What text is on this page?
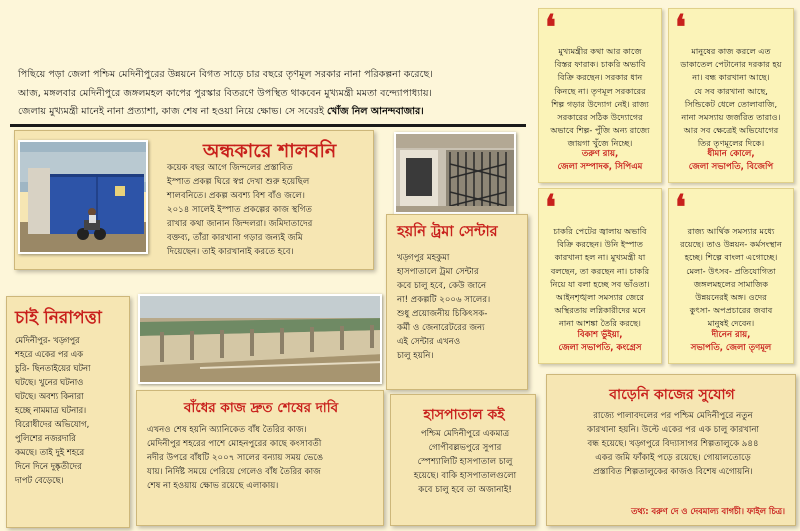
পিছিয়ে পড়া জেলা পশ্চিম মেদিনীপুরের উন্নয়নে বিগত সাড়ে চার বছরে তৃণমূল সরকার নানা পরিকল্পনা করেছে।

আজ, মঙ্গলবার মেদিনীপুরে জঙ্গলমহল কাপের পুরস্কার বিতরণে উপস্থিত থাকবেন মুখ্যমন্ত্রী মমতা বন্দ্যোপাধ্যায়।

জেলায় মুখ্যমন্ত্রী মানেই নানা প্রত্যাশা, কাজ শেষ না হওয়া নিয়ে ক্ষোভ। সে সবেরই খোঁজ নিল আনন্দবাজার।

❛
মুখ্যমন্ত্রীর কথা আর কাজে
বিস্তর ফারাক। চাকরি অভাবি
বিক্রি করছেন। সরকার ধান
কিনছে না। তৃণমূল সরকারের
শিল্প গড়ার উদ্যোগ নেই। রাজ্য
সরকারের সঠিক উদ্যোগের
অভাবে শিল্প- পুঁজি অন্য রাজ্যে
জায়গা খুঁজে নিচ্ছে।
তরুণ রায়,
জেলা সম্পাদক, সিপিএম
❛
মানুষের কাজ করলে এত
ডাকাতেল পেটানোর দরকার হয়
না। বন্ধ কারখানা আছে।
যে সব কারখানা আছে,
সিন্ডিকেট ধেলে তোলাবাজি,
নানা সমস্যায় জর্জরিত তারাও।
আর সব ক্ষেত্রেই অভিযোগের
তির তৃণমূলের দিকে।
ধীমান কোলে,
জেলা সভাপতি, বিজেপি
❛
চাকরি পেটের জ্বালায় অভাবি
বিক্রি করছেন। উনি ইস্পাত
কারখানা হল না। মুখ্যমন্ত্রী যা
বলছেন, তা করছেন না। চাকরি
নিয়ে যা বলা হচ্ছে সব ভাঁওতা।
আইনশৃঙ্খলা সমস্যার জেরে
অস্থিরতায় লগ্নিকারীদের মনে
নানা আশঙ্কা তৈরি করছে।
বিকাশ ভুঁইয়া,
জেলা সভাপতি, কংগ্রেস
❛
রাজ্য আর্থিক সমস্যার মধ্যে
রয়েছে। তাও উন্নয়ন- কর্মসংস্থান
হচ্ছে। শিল্পে বাংলা এগোচ্ছে।
মেলা- উৎসব- প্রতিযোগিতা
জঙ্গলমহলের সামাজিক
উন্নয়নেরই অঙ্গ। ওদের
কুৎসা- অপপ্রচারের জবাব
মানুষই দেবেন।
দীনেন রায়,
সভাপতি, জেলা তৃণমূল
অন্ধকারে শালবনি
কয়েক বছর আগে জিন্দলের প্রস্তাবিত
ইস্পাত প্রকল্প ঘিরে স্বপ্ন দেখা শুরু হয়েছিল
শালবনিতে। প্রকল্প অবশ্য বিশ বাঁও জলে।
২০১৪ সালেই ইস্পাত প্রকল্পের কাজ স্থগিত
রাখার কথা জানান জিন্দলরা। জমিদাতাদের
বক্তব্য, তাঁরা কারখানা গড়ার জন্যই জমি
দিয়েছেন। তাই কারখানাই করতে হবে।
হয়নি ট্রমা সেন্টার
খড়্গপুর মহকুমা
হাসপাতালে ট্রমা সেন্টার
কবে চালু হবে, কেউ জানে
না! প্রকল্পটি ২০০৬ সালের।
শুধু প্রয়োজনীয় চিকিৎসক-
কর্মী ও জেনারেটরের জন্য
এই সেন্টার এখনও
চালু হয়নি।
চাই নিরাপত্তা
মেদিনীপুর- খড়্গপুর
শহরে একের পর এক
চুরি- ছিনতাইয়ের ঘটনা
ঘটছে। খুনের ঘটনাও
ঘটছে। অবশ্য কিনারা
হচ্ছে নামমাত্র ঘটনার।
বিরোধীদের অভিযোগ,
পুলিশের নজরদারি
কমছে। তাই দুই শহরে
দিনে দিনে দুষ্কৃতীদের
দাপট বেড়েছে।
বাঁধের কাজ দ্রুত শেষের দাবি
এখনও শেষ হয়নি অ্যানিকেত বাঁধ তৈরির কাজ।
মেদিনীপুর শহরের পাশে মোহনপুরের কাছে কংসাবতী
নদীর উপরে বাঁধটি ২০০৭ সালের বন্যায় সময় ভেঙে
যায়। নির্দিষ্ট সময়ে পেরিয়ে গেলেও বাঁধ তৈরির কাজ
শেষ না হওয়ায় ক্ষোভ রয়েছে এলাকায়।
হাসপাতাল কই
পশ্চিম মেদিনীপুরে একমাত্র
গোপীবল্লভপুরে সুপার
স্পেশ্যালিটি হাসপাতাল চালু
হয়েছে। বাকি হাসপাতালগুলো
কবে চালু হবে তা অজানাই!
বাড়েনি কাজের সুযোগ
রাজ্যে পালাবদলের পর পশ্চিম মেদিনীপুরে নতুন
কারখানা হয়নি। উল্টে একের পর এক চালু কারখানা
বন্ধ হয়েছে। খড়্গপুরে বিদ্যাসাগর শিল্পতালুকে ৯৪৪
একর জমি ফাঁকাই পড়ে রয়েছে। গোয়ালতোড়ে
প্রস্তাবিত শিল্পতালুকের কাজও বিশেষ এগোয়নি।
তথ্য: বরুণ দে ও দেবমাল্য বাগচী। ফাইল চিত্র।
